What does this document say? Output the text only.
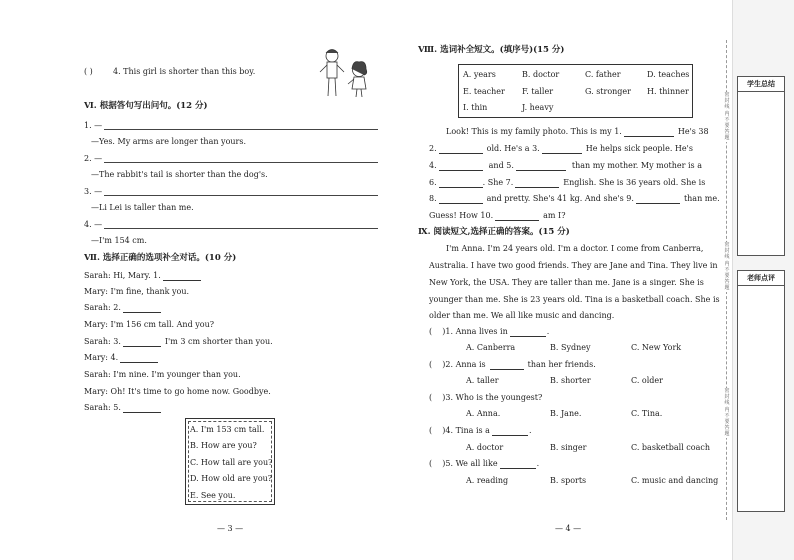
( )	4. This girl is shorter than this boy.
Ⅵ. 根据答句写出问句。(12 分)
1. —
—Yes. My arms are longer than yours.
2. —
—The rabbit's tail is shorter than the dog's.
3. —
—Li Lei is taller than me.
4. —
—I'm 154 cm.
Ⅶ. 选择正确的选项补全对话。(10 分)
Sarah: Hi, Mary. 1.
Mary: I'm fine, thank you.
Sarah: 2.
Mary: I'm 156 cm tall. And you?
Sarah: 3.	I'm 3 cm shorter than you.
Mary: 4.
Sarah: I'm nine. I'm younger than you.
Mary: Oh! It's time to go home now. Goodbye.
Sarah: 5.
A. I'm 153 cm tall.
B. How are you?
C. How tall are you?
D. How old are you?
E. See you.
— 3 —
Ⅷ. 选词补全短文。(填序号)(15 分)
A. years	B. doctor	C. father	D. teaches
E. teacher F. taller	G. stronger H. thinner
I. thin	J. heavy
Look! This is my family photo. This is my 1.	He's 38
2.	old. He's a 3.	He helps sick people. He's
4.	and 5.	than my mother. My mother is a
6.	. She 7.	English. She is 36 years old. She is
8.	and pretty. She's 41 kg. And she's 9.	than me.
Guess! How 10.	am I?
Ⅸ. 阅读短文,选择正确的答案。(15 分)
I'm Anna. I'm 24 years old. I'm a doctor. I come from Canberra,
Australia. I have two good friends. They are Jane and Tina. They live in
New York, the USA. They are taller than me. Jane is a singer. She is
younger than me. She is 23 years old. Tina is a basketball coach. She is
older than me. We all like music and dancing.
(    )1. Anna lives in	.
A. Canberra	B. Sydney	C. New York
(    )2. Anna is	than her friends.
A. taller	B. shorter	C. older
(    )3. Who is the youngest?
A. Anna.	B. Jane.	C. Tina.
(    )4. Tina is a	.
A. doctor	B. singer	C. basketball coach
(    )5. We all like	.
A. reading	B. sports	C. music and dancing
— 4 —
密封线内不要答题
密封线内不要答题
密封线内不要答题
学生总结
老师点评
